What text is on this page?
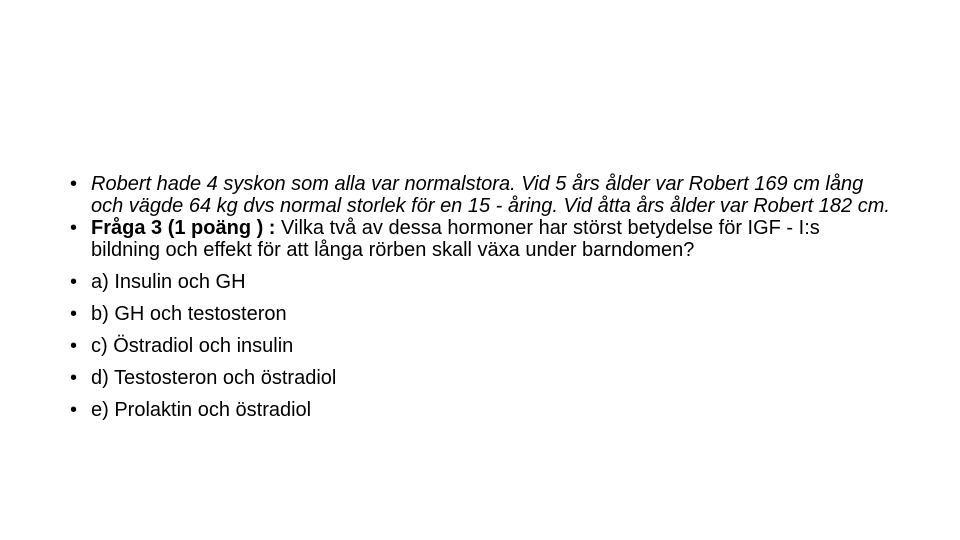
• Robert hade 4 syskon som alla var normalstora. Vid 5 års ålder var Robert 169 cm lång och vägde 64 kg dvs normal storlek för en 15 - åring. Vid åtta års ålder var Robert 182 cm.
• Fråga 3 (1 poäng ) : Vilka två av dessa hormoner har störst betydelse för IGF - I:s bildning och effekt för att långa rörben skall växa under barndomen?
• a) Insulin och GH
• b) GH och testosteron
• c) Östradiol och insulin
• d) Testosteron och östradiol
• e) Prolaktin och östradiol
